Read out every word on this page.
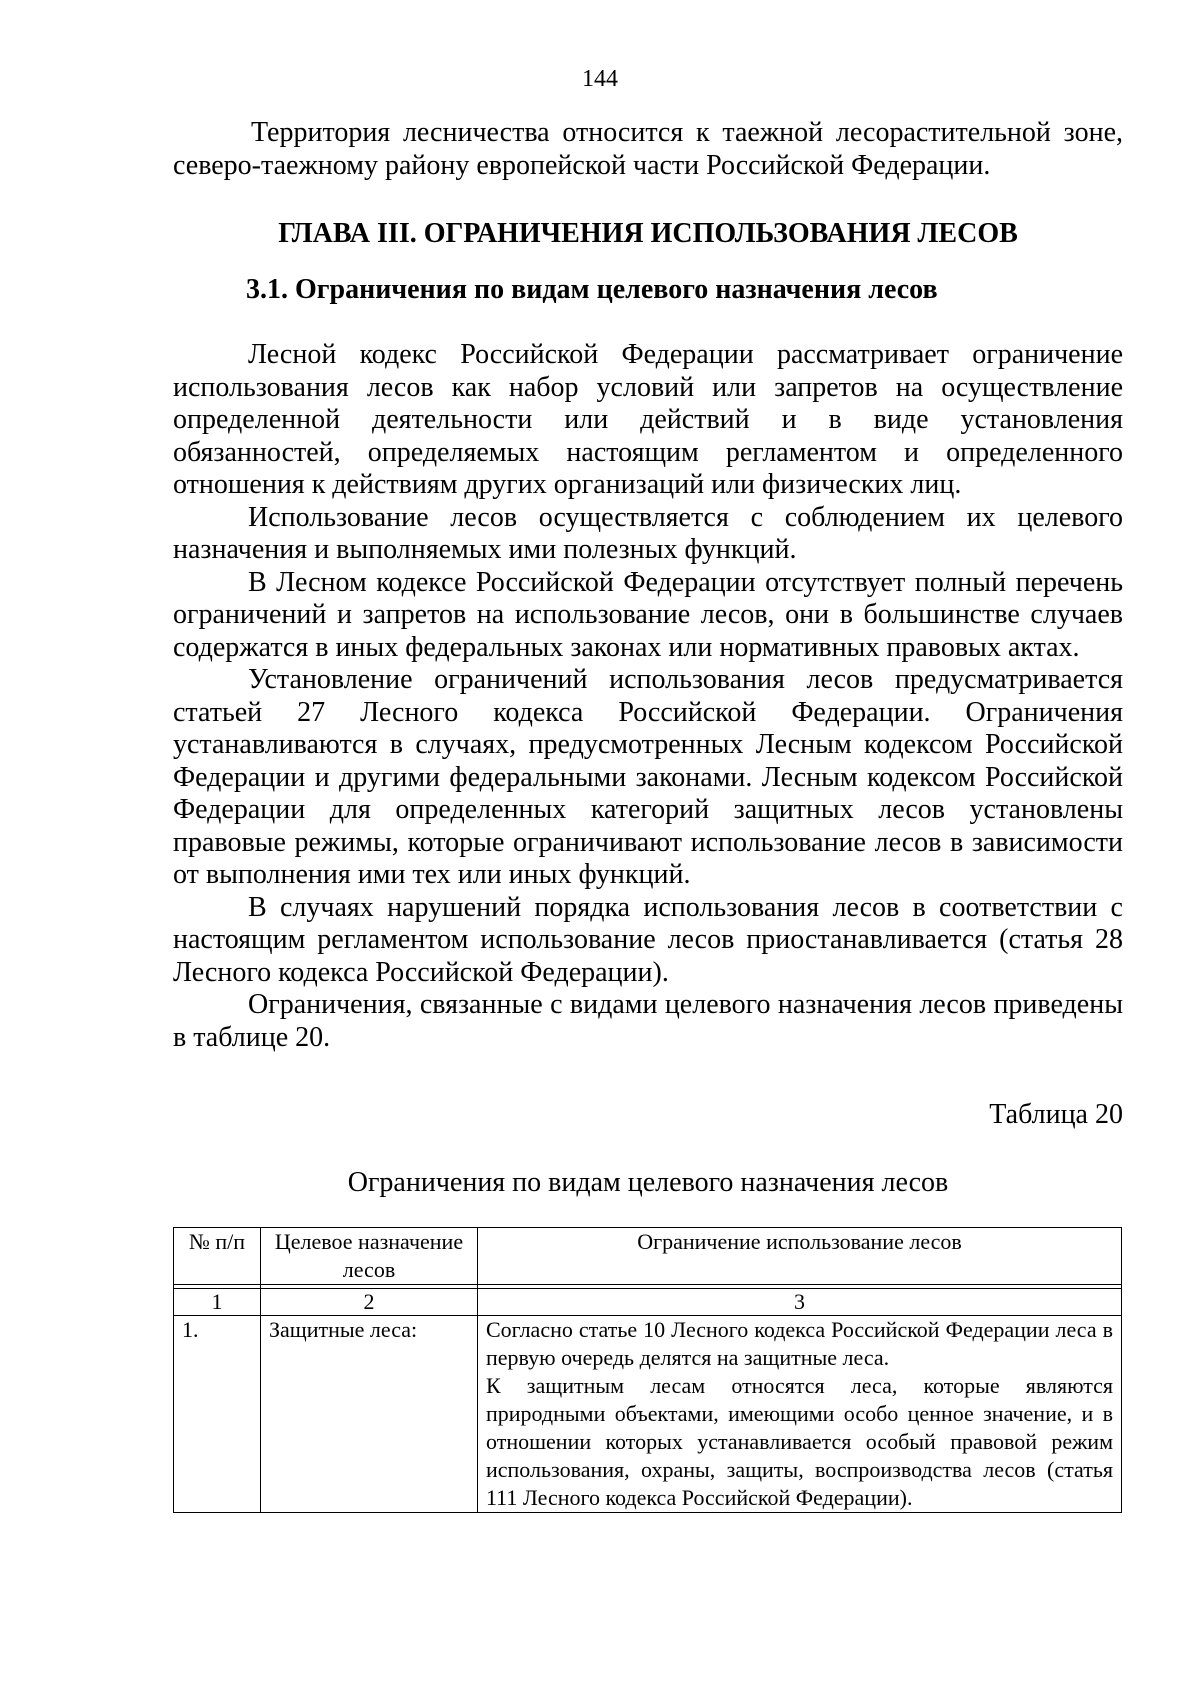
144

Территория лесничества относится к таежной лесорастительной зоне, северо-таежному району европейской части Российской Федерации.

ГЛАВА III. ОГРАНИЧЕНИЯ ИСПОЛЬЗОВАНИЯ ЛЕСОВ
3.1. Ограничения по видам целевого назначения лесов

Лесной кодекс Российской Федерации рассматривает ограничение использования лесов как набор условий или запретов на осуществление определенной деятельности или действий и в виде установления обязанностей, определяемых настоящим регламентом и определенного отношения к действиям других организаций или физических лиц.

Использование лесов осуществляется с соблюдением их целевого назначения и выполняемых ими полезных функций.

В Лесном кодексе Российской Федерации отсутствует полный перечень ограничений и запретов на использование лесов, они в большинстве случаев содержатся в иных федеральных законах или нормативных правовых актах.

Установление ограничений использования лесов предусматривается статьей 27 Лесного кодекса Российской Федерации. Ограничения устанавливаются в случаях, предусмотренных Лесным кодексом Российской Федерации и другими федеральными законами. Лесным кодексом Российской Федерации для определенных категорий защитных лесов установлены правовые режимы, которые ограничивают использование лесов в зависимости от выполнения ими тех или иных функций.

В случаях нарушений порядка использования лесов в соответствии с настоящим регламентом использование лесов приостанавливается (статья 28 Лесного кодекса Российской Федерации).

Ограничения, связанные с видами целевого назначения лесов приведены в таблице 20.

Таблица 20

Ограничения по видам целевого назначения лесов

№ п/п	Целевое назначение лесов	Ограничение использование лесов

1	2	3
1.	Защитные леса:	Согласно статье 10 Лесного кодекса Российской Федерации леса в первую очередь делятся на защитные леса.

К защитным лесам относятся леса, которые являются природными объектами, имеющими особо ценное значение, и в отношении которых устанавливается особый правовой режим использования, охраны, защиты, воспроизводства лесов (статья 111 Лесного кодекса Российской Федерации).
